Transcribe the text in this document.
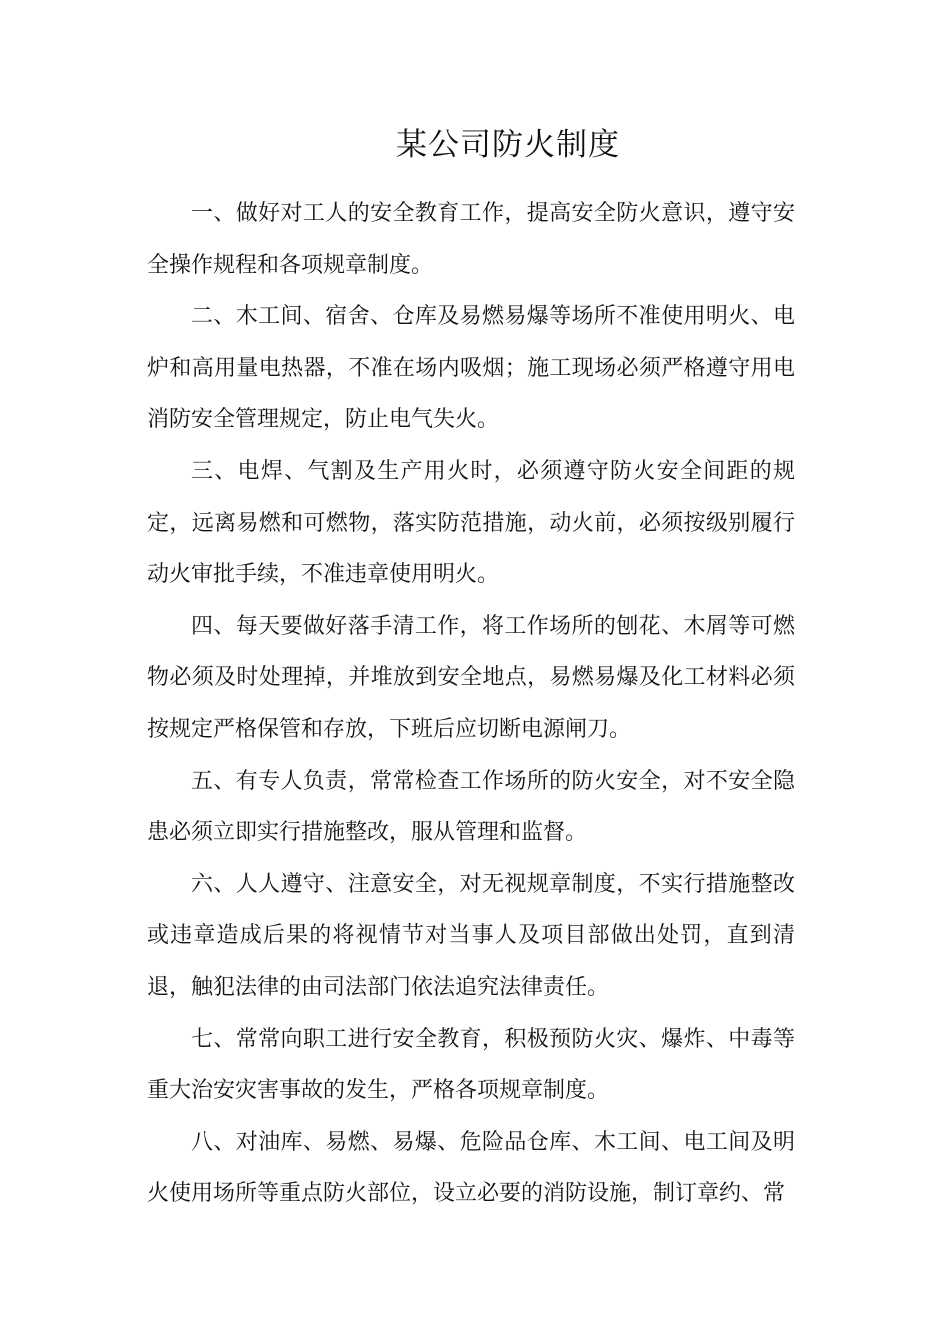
某公司防火制度

一、做好对工人的安全教育工作，提高安全防火意识，遵守安全操作规程和各项规章制度。

二、木工间、宿舍、仓库及易燃易爆等场所不准使用明火、电炉和高用量电热器，不准在场内吸烟；施工现场必须严格遵守用电消防安全管理规定，防止电气失火。

三、电焊、气割及生产用火时，必须遵守防火安全间距的规定，远离易燃和可燃物，落实防范措施，动火前，必须按级别履行动火审批手续，不准违章使用明火。

四、每天要做好落手清工作，将工作场所的刨花、木屑等可燃物必须及时处理掉，并堆放到安全地点，易燃易爆及化工材料必须按规定严格保管和存放，下班后应切断电源闸刀。

五、有专人负责，常常检查工作场所的防火安全，对不安全隐患必须立即实行措施整改，服从管理和监督。

六、人人遵守、注意安全，对无视规章制度，不实行措施整改或违章造成后果的将视情节对当事人及项目部做出处罚，直到清退，触犯法律的由司法部门依法追究法律责任。

七、常常向职工进行安全教育，积极预防火灾、爆炸、中毒等重大治安灾害事故的发生，严格各项规章制度。

八、对油库、易燃、易爆、危险品仓库、木工间、电工间及明火使用场所等重点防火部位，设立必要的消防设施，制订章约、常
